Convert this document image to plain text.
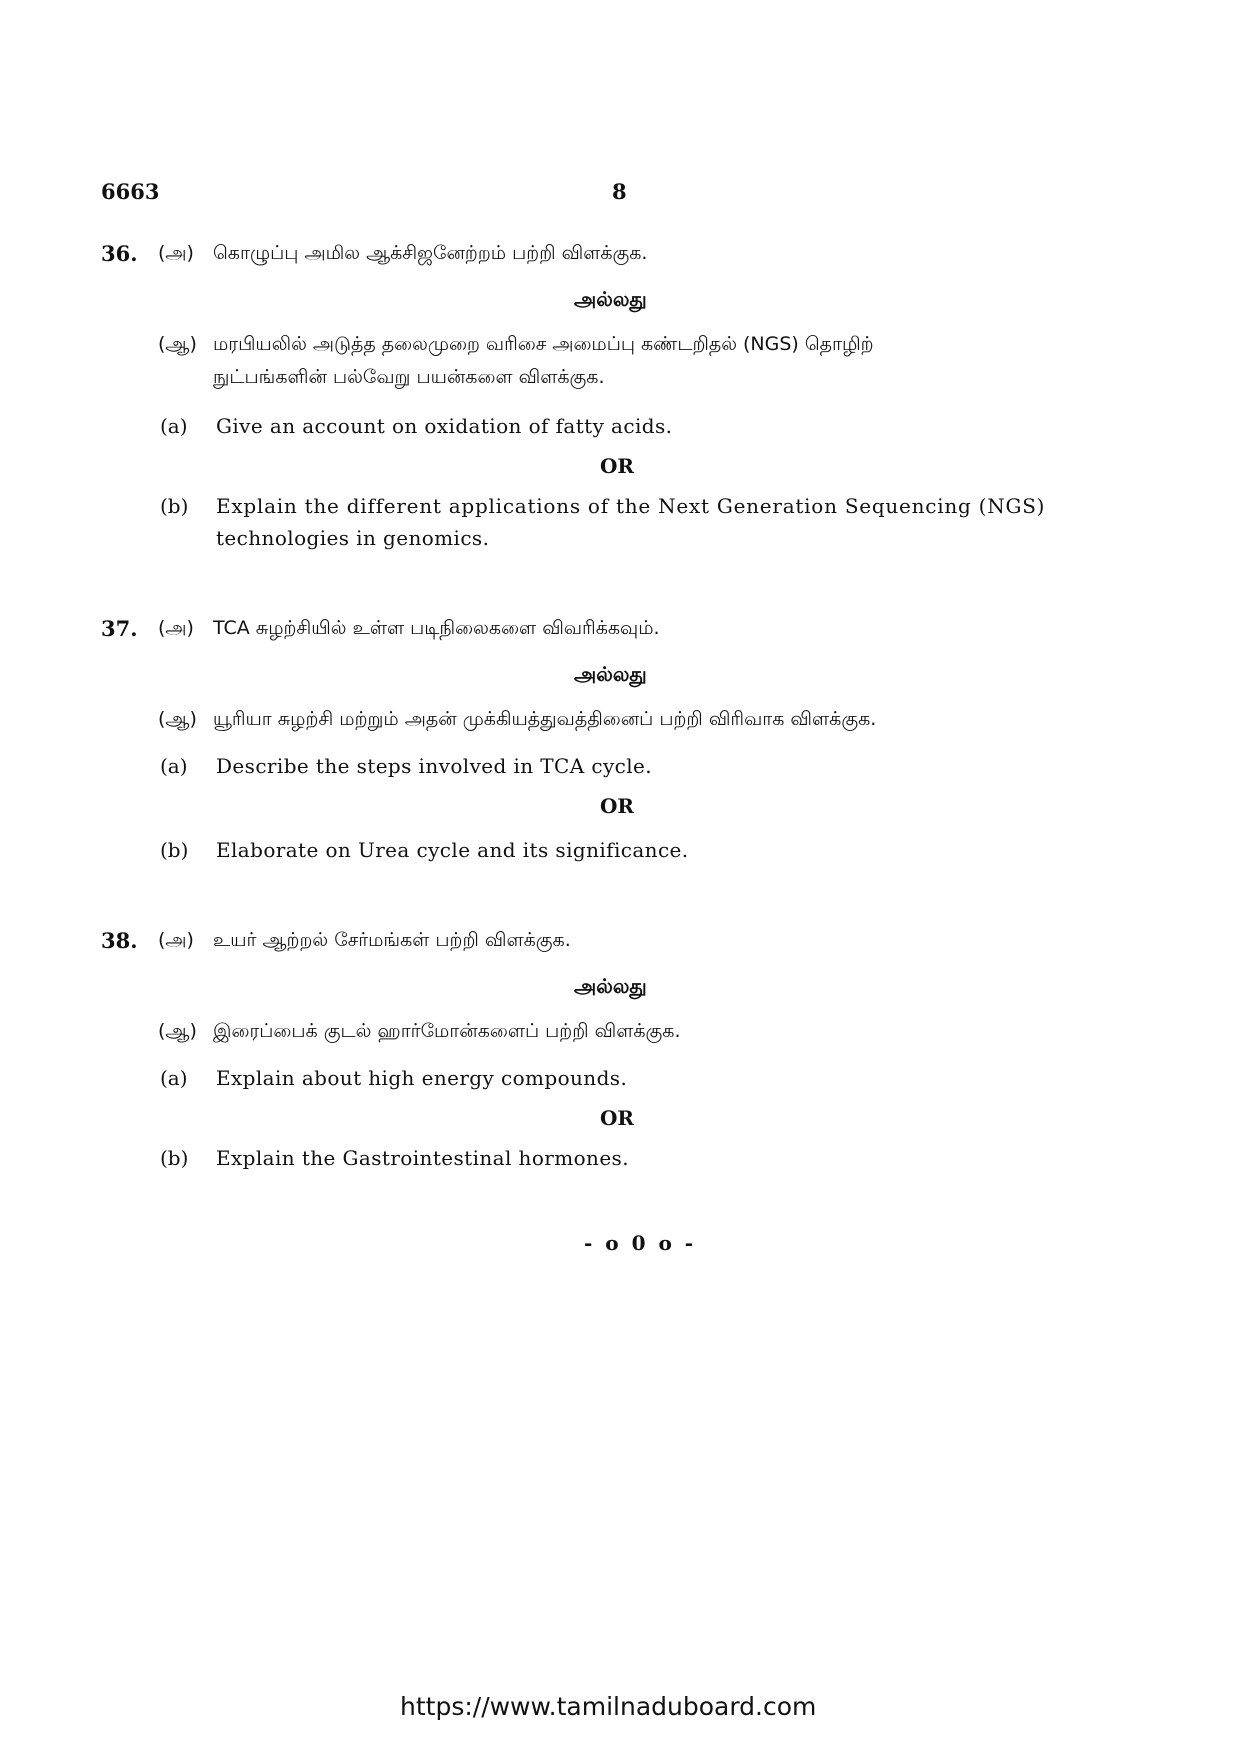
6663	8
36. (அ) கொழுப்பு அமில ஆக்சிஜனேற்றம் பற்றி விளக்குக.
அல்லது
(ஆ) மரபியலில் அடுத்த தலைமுறை வரிசை அமைப்பு கண்டறிதல் (NGS) தொழிற்
நுட்பங்களின் பல்வேறு பயன்களை விளக்குக.
(a) Give an account on oxidation of fatty acids.
OR
(b) Explain the different applications of the Next Generation Sequencing (NGS)
technologies in genomics.
37. (அ) TCA சுழற்சியில் உள்ள படிநிலைகளை விவரிக்கவும்.
அல்லது
(ஆ) யூரியா சுழற்சி மற்றும் அதன் முக்கியத்துவத்தினைப் பற்றி விரிவாக விளக்குக.
(a) Describe the steps involved in TCA cycle.
OR
(b) Elaborate on Urea cycle and its significance.
38. (அ) உயர் ஆற்றல் சேர்மங்கள் பற்றி விளக்குக.
அல்லது
(ஆ) இரைப்பைக் குடல் ஹார்மோன்களைப் பற்றி விளக்குக.
(a) Explain about high energy compounds.
OR
(b) Explain the Gastrointestinal hormones.
- o 0 o -
https://www.tamilnaduboard.com
